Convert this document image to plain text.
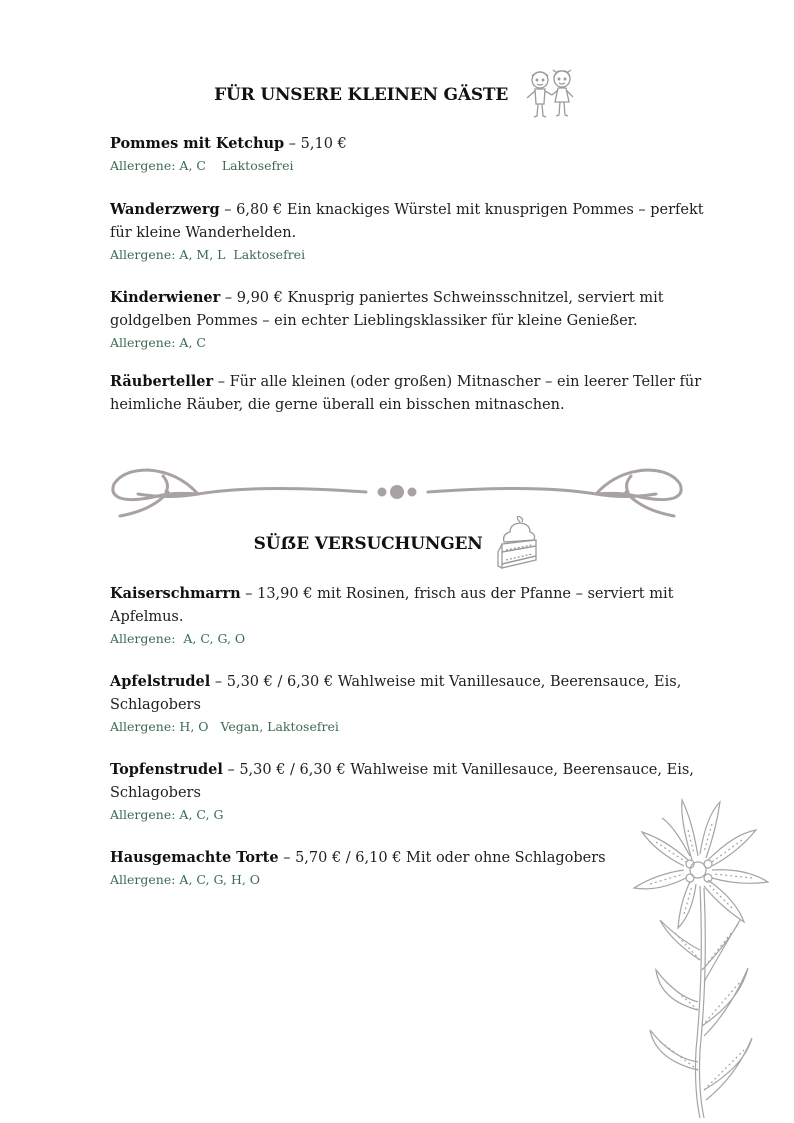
FÜR UNSERE KLEINEN GÄSTE
Pommes mit Ketchup – 5,10 €
Allergene: A, C    Laktosefrei
Wanderzwerg – 6,80 € Ein knackiges Würstel mit knusprigen Pommes – perfekt für kleine Wanderhelden.
Allergene: A, M, L  Laktosefrei
Kinderwiener – 9,90 € Knusprig paniertes Schweinsschnitzel, serviert mit goldgelben Pommes – ein echter Lieblingsklassiker für kleine Genießer.
Allergene: A, C
Räuberteller – Für alle kleinen (oder großen) Mitnascher – ein leerer Teller für heimliche Räuber, die gerne überall ein bisschen mitnaschen.
SÜẞE VERSUCHUNGEN
Kaiserschmarrn – 13,90 € mit Rosinen, frisch aus der Pfanne – serviert mit Apfelmus.
Allergene:  A, C, G, O
Apfelstrudel – 5,30 € / 6,30 € Wahlweise mit Vanillesauce, Beerensauce, Eis, Schlagobers
Allergene: H, O   Vegan, Laktosefrei
Topfenstrudel – 5,30 € / 6,30 € Wahlweise mit Vanillesauce, Beerensauce, Eis, Schlagobers
Allergene: A, C, G
Hausgemachte Torte – 5,70 € / 6,10 € Mit oder ohne Schlagobers
Allergene: A, C, G, H, O
